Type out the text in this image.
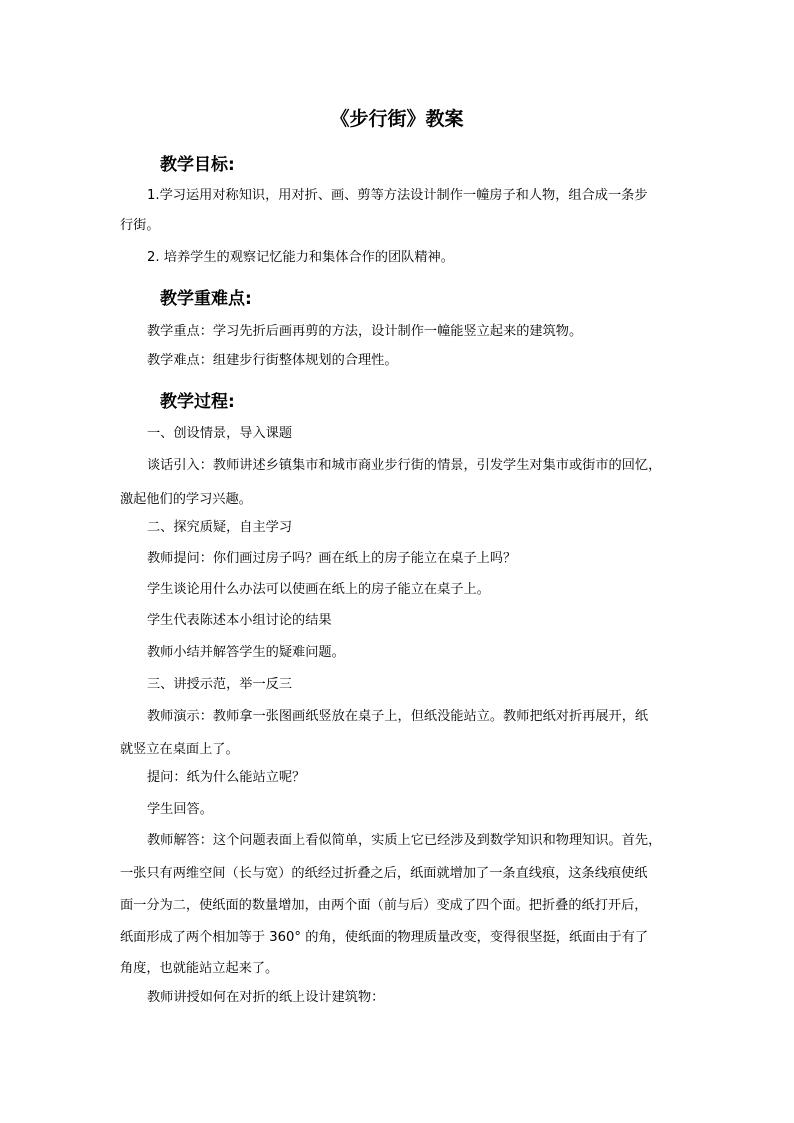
《步行街》教案
教学目标:
1.学习运用对称知识，用对折、画、剪等方法设计制作一幢房子和人物，组合成一条步
行街。
2. 培养学生的观察记忆能力和集体合作的团队精神。
教学重难点:
教学重点：学习先折后画再剪的方法，设计制作一幢能竖立起来的建筑物。
教学难点：组建步行街整体规划的合理性。
教学过程:
一、创设情景，导入课题
谈话引入：教师讲述乡镇集市和城市商业步行街的情景，引发学生对集市或街市的回忆，
激起他们的学习兴趣。
二、探究质疑，自主学习
教师提问：你们画过房子吗？画在纸上的房子能立在桌子上吗？
学生谈论用什么办法可以使画在纸上的房子能立在桌子上。
学生代表陈述本小组讨论的结果
教师小结并解答学生的疑难问题。
三、讲授示范，举一反三
教师演示：教师拿一张图画纸竖放在桌子上，但纸没能站立。教师把纸对折再展开，纸
就竖立在桌面上了。
提问：纸为什么能站立呢？
学生回答。
教师解答：这个问题表面上看似简单，实质上它已经涉及到数学知识和物理知识。首先，
一张只有两维空间（长与宽）的纸经过折叠之后，纸面就增加了一条直线痕，这条线痕使纸
面一分为二，使纸面的数量增加，由两个面（前与后）变成了四个面。把折叠的纸打开后，
纸面形成了两个相加等于 360° 的角，使纸面的物理质量改变，变得很坚挺，纸面由于有了
角度，也就能站立起来了。
教师讲授如何在对折的纸上设计建筑物：
